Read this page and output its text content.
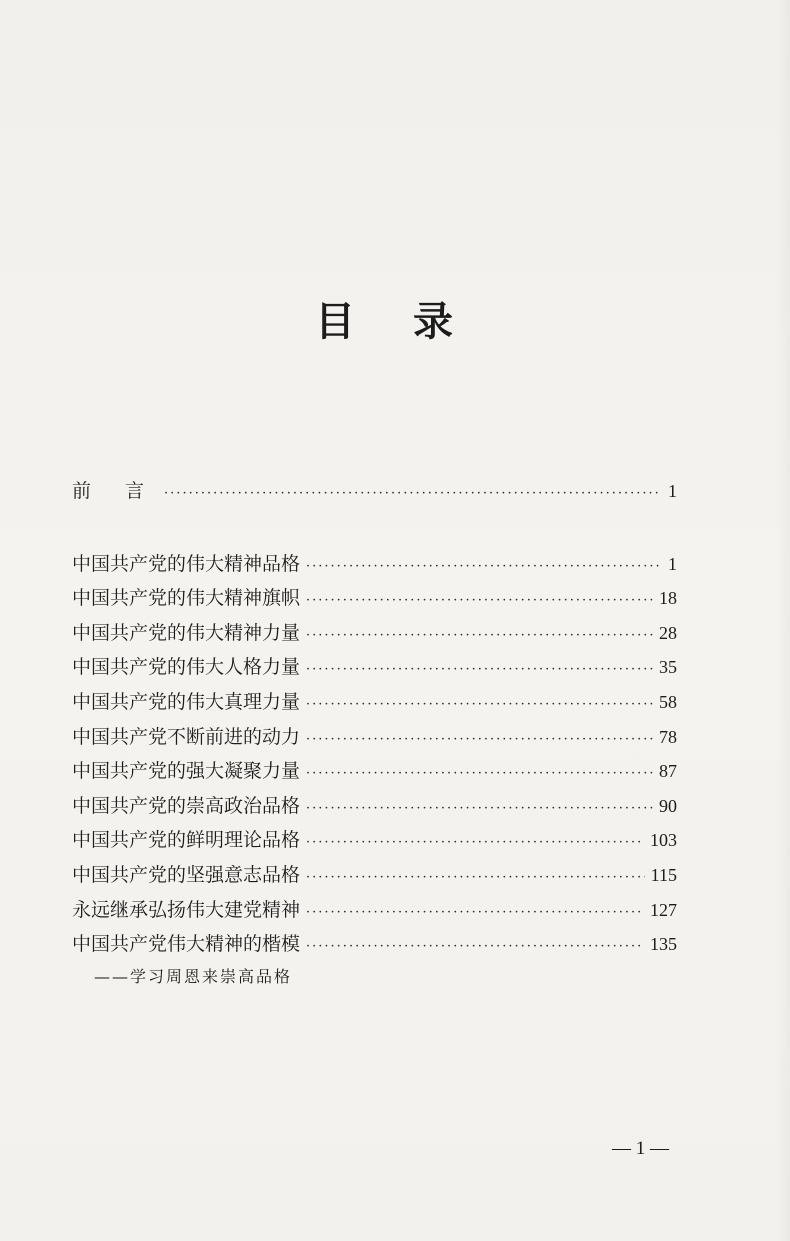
目 录
前 言 ·····	1
中国共产党的伟大精神品格 ·····	1
中国共产党的伟大精神旗帜 ·····	18
中国共产党的伟大精神力量 ·····	28
中国共产党的伟大人格力量 ·····	35
中国共产党的伟大真理力量 ·····	58
中国共产党不断前进的动力 ·····	78
中国共产党的强大凝聚力量 ·····	87
中国共产党的崇高政治品格 ·····	90
中国共产党的鲜明理论品格 ·····	103
中国共产党的坚强意志品格 ·····	115
永远继承弘扬伟大建党精神 ·····	127
中国共产党伟大精神的楷模 ·····	135
——学习周恩来崇高品格
— 1 —
